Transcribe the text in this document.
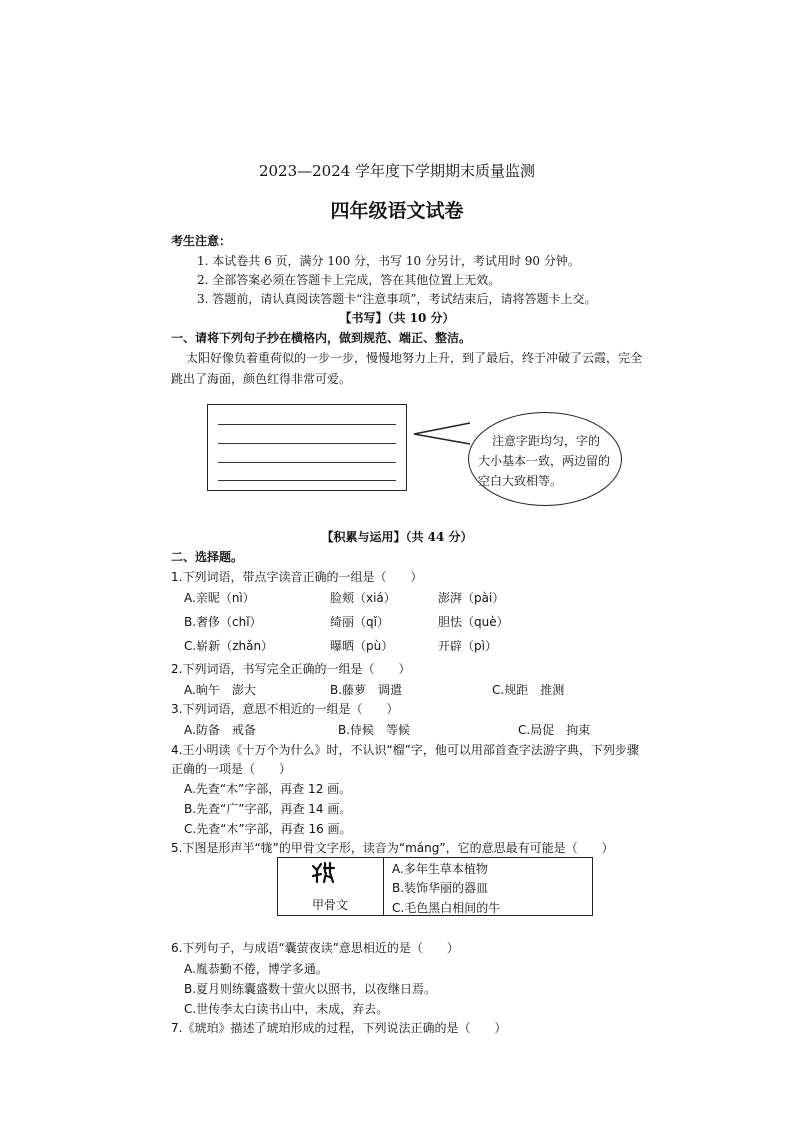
2023—2024 学年度下学期期末质量监测
四年级语文试卷
考生注意：
1. 本试卷共 6 页，满分 100 分，书写 10 分另计，考试用时 90 分钟。
2. 全部答案必须在答题卡上完成，答在其他位置上无效。
3. 答题前，请认真阅读答题卡“注意事项”，考试结束后，请将答题卡上交。
【书写】（共 10 分）
一、请将下列句子抄在横格内，做到规范、端正、整洁。
太阳好像负着重荷似的一步一步，慢慢地努力上升，到了最后，终于冲破了云霞，完全
跳出了海面，颜色红得非常可爱。
注意字距均匀，字的
大小基本一致，两边留的
空白大致相等。
【积累与运用】（共 44 分）
二、选择题。
1.下列词语，带点字读音正确的一组是（　　）
A.亲昵（nì）	脸颊（xiá）	澎湃（pài）
B.奢侈（chǐ）	绮丽（qǐ）	胆怯（què）
C.崭新（zhǎn）	曝晒（pù）	开辟（pì）
2.下列词语，书写完全正确的一组是（　　）
A.晌午　澎大	B.藤萝　调遣	C.规距　推测
3.下列词语，意思不相近的一组是（　　）
A.防备　戒备	B.侍候　等候	C.局促　拘束
4.王小明读《十万个为什么》时，不认识“榴”字，他可以用部首查字法游字典，下列步骤
正确的一项是（　　）
A.先查“木”字部，再查 12 画。
B.先查“广”字部，再查 14 画。
C.先查“木”字部，再查 16 画。
5.下图是形声半“牻”的甲骨文字形，读音为“máng”，它的意思最有可能是（　　）
甲骨文
A.多年生草本植物
B.装饰华丽的器皿
C.毛色黑白相间的牛
6.下列句子，与成语“囊萤夜读”意思相近的是（　　）
A.胤恭勤不倦，博学多通。
B.夏月则练囊盛数十萤火以照书，以夜继日焉。
C.世传李太白读书山中，未成，弃去。
7.《琥珀》描述了琥珀形成的过程，下列说法正确的是（　　）
